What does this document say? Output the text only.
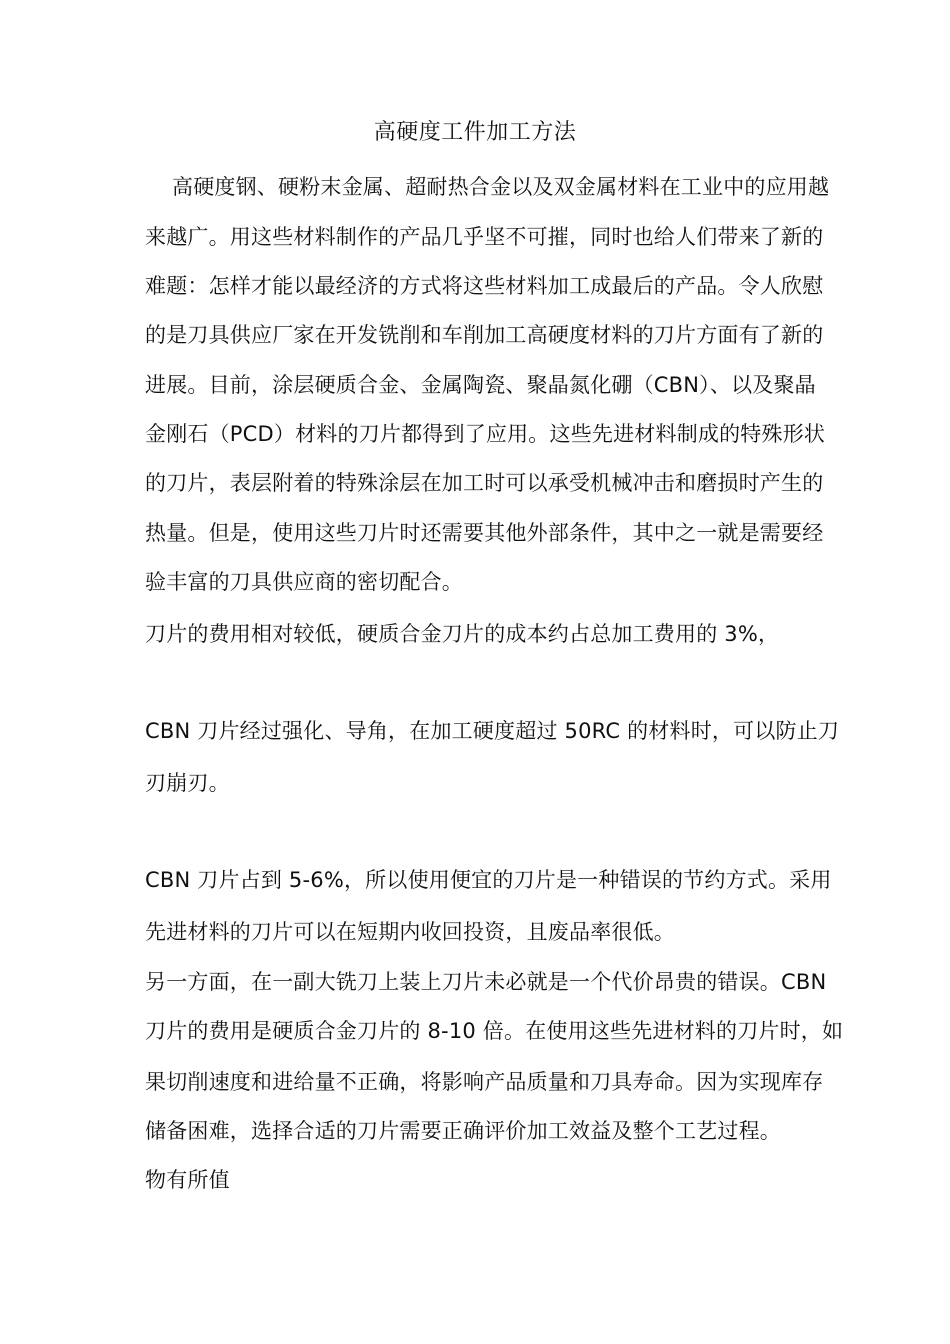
高硬度工件加工方法
高硬度钢、硬粉末金属、超耐热合金以及双金属材料在工业中的应用越
来越广。用这些材料制作的产品几乎坚不可摧，同时也给人们带来了新的
难题：怎样才能以最经济的方式将这些材料加工成最后的产品。令人欣慰
的是刀具供应厂家在开发铣削和车削加工高硬度材料的刀片方面有了新的
进展。目前，涂层硬质合金、金属陶瓷、聚晶氮化硼（CBN）、以及聚晶
金刚石（PCD）材料的刀片都得到了应用。这些先进材料制成的特殊形状
的刀片，表层附着的特殊涂层在加工时可以承受机械冲击和磨损时产生的
热量。但是，使用这些刀片时还需要其他外部条件，其中之一就是需要经
验丰富的刀具供应商的密切配合。
刀片的费用相对较低，硬质合金刀片的成本约占总加工费用的 3%，
CBN 刀片经过强化、导角，在加工硬度超过 50RC 的材料时，可以防止刀
刃崩刃。
CBN 刀片占到 5-6%，所以使用便宜的刀片是一种错误的节约方式。采用
先进材料的刀片可以在短期内收回投资，且废品率很低。
另一方面，在一副大铣刀上装上刀片未必就是一个代价昂贵的错误。CBN
刀片的费用是硬质合金刀片的 8-10 倍。在使用这些先进材料的刀片时，如
果切削速度和进给量不正确，将影响产品质量和刀具寿命。因为实现库存
储备困难，选择合适的刀片需要正确评价加工效益及整个工艺过程。
物有所值
